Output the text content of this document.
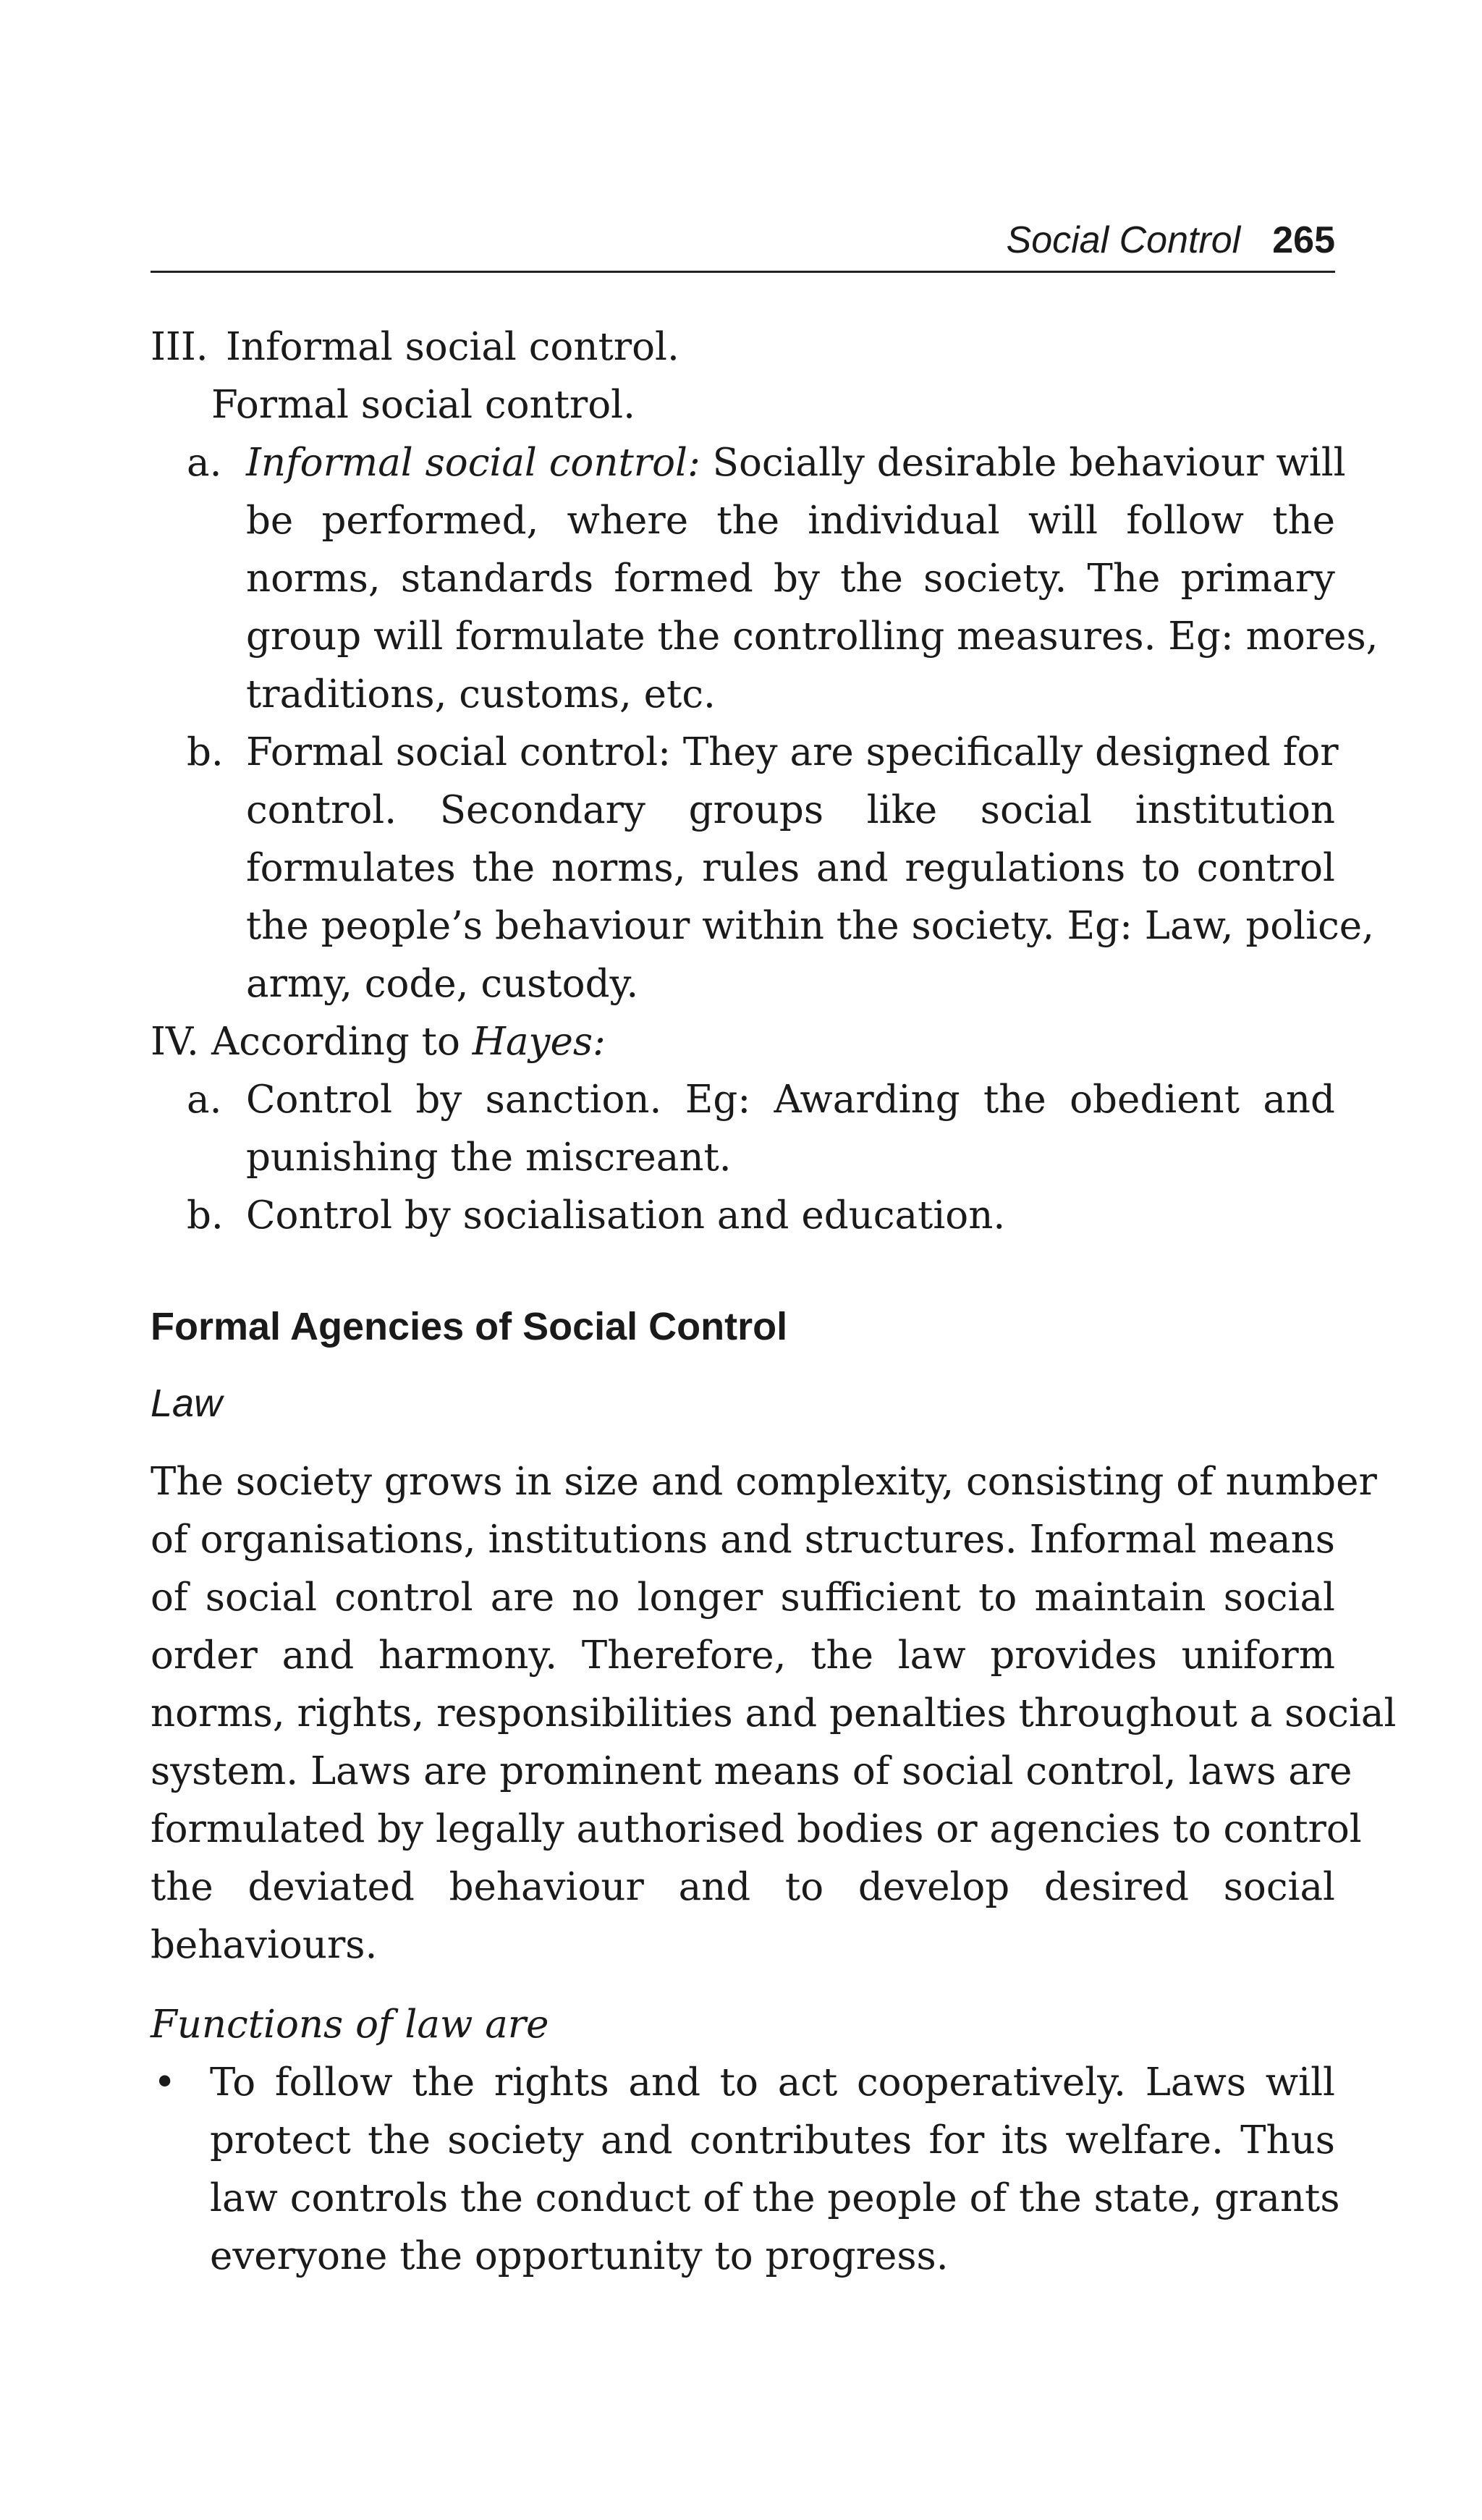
Social Control 265
III. Informal social control.
Formal social control.
a. Informal social control: Socially desirable behaviour will
be performed, where the individual will follow the
norms, standards formed by the society. The primary
group will formulate the controlling measures. Eg: mores,
traditions, customs, etc.
b. Formal social control: They are specifically designed for
control. Secondary groups like social institution
formulates the norms, rules and regulations to control
the people’s behaviour within the society. Eg: Law, police,
army, code, custody.
IV. According to Hayes:
a. Control by sanction. Eg: Awarding the obedient and
punishing the miscreant.
b. Control by socialisation and education.
Formal Agencies of Social Control
Law
The society grows in size and complexity, consisting of number
of organisations, institutions and structures. Informal means
of social control are no longer sufficient to maintain social
order and harmony. Therefore, the law provides uniform
norms, rights, responsibilities and penalties throughout a social
system. Laws are prominent means of social control, laws are
formulated by legally authorised bodies or agencies to control
the deviated behaviour and to develop desired social
behaviours.
Functions of law are
• To follow the rights and to act cooperatively. Laws will
protect the society and contributes for its welfare. Thus
law controls the conduct of the people of the state, grants
everyone the opportunity to progress.
